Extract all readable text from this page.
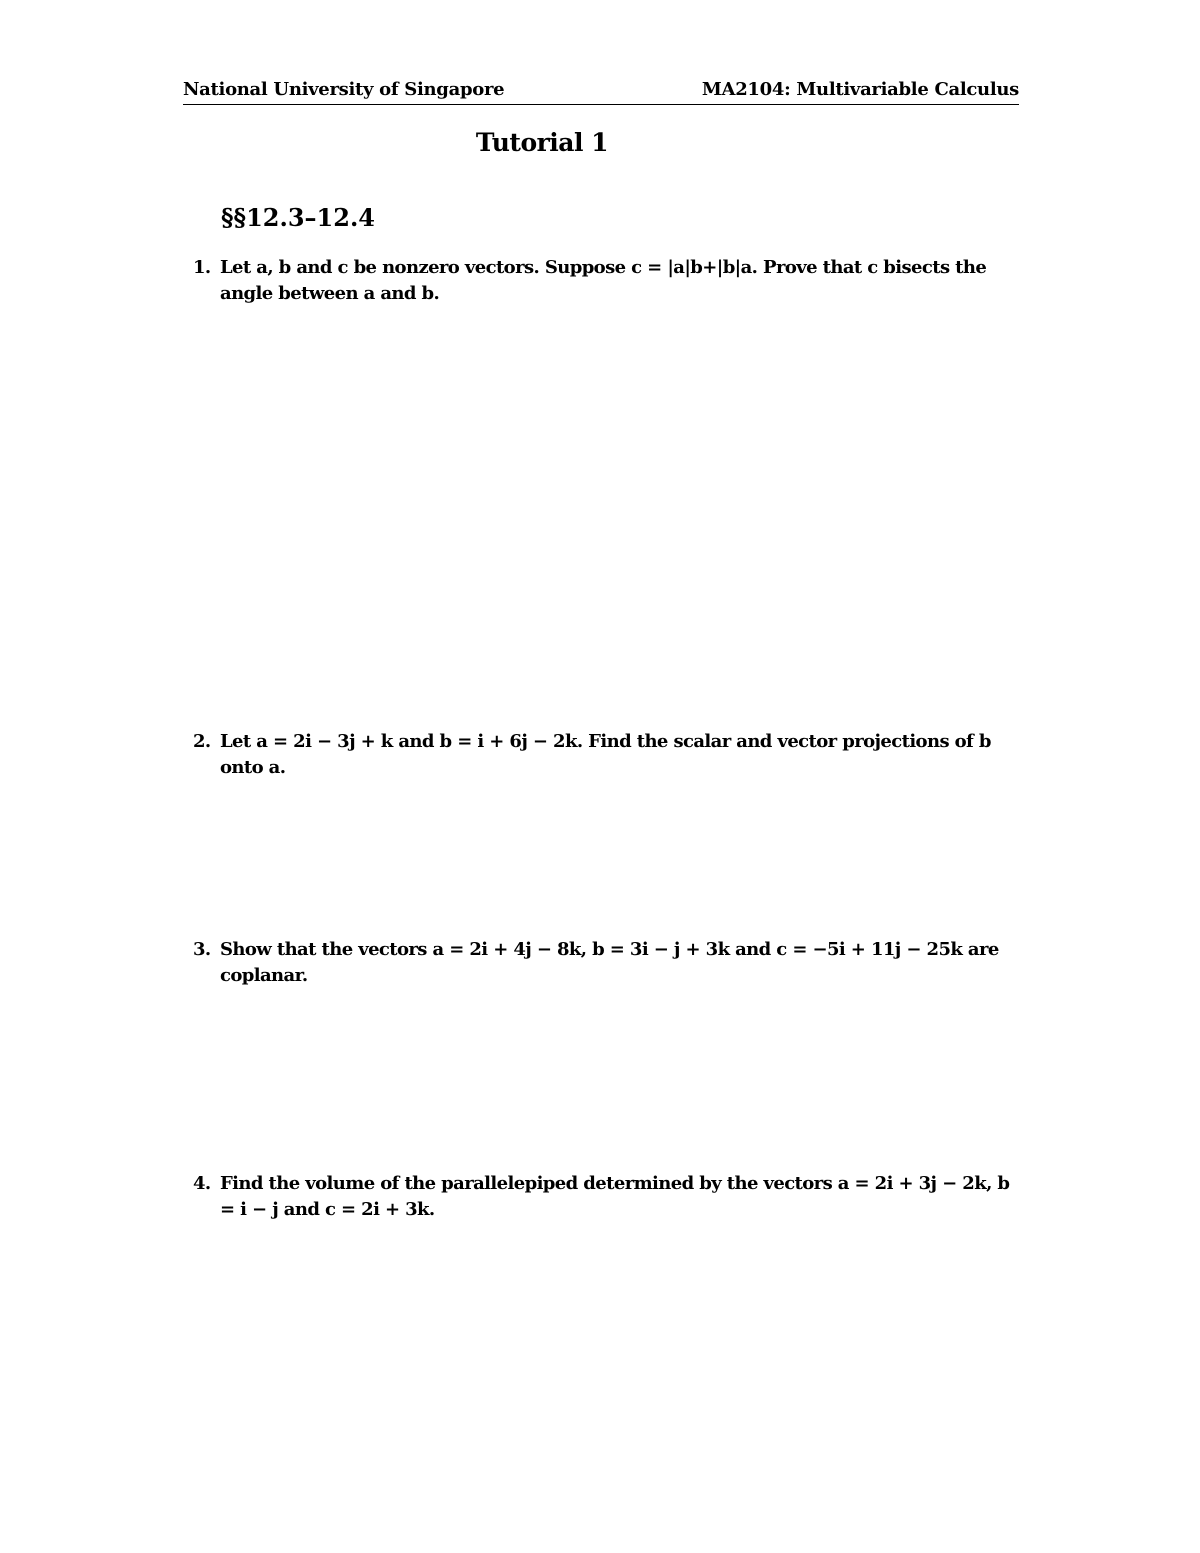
National University of Singapore	MA2104: Multivariable Calculus
Tutorial 1
§§12.3–12.4
1. Let a, b and c be nonzero vectors. Suppose c = |a|b+|b|a. Prove that c bisects the angle between a and b.
2. Let a = 2i − 3j + k and b = i + 6j − 2k. Find the scalar and vector projections of b onto a.
3. Show that the vectors a = 2i + 4j − 8k, b = 3i − j + 3k and c = −5i + 11j − 25k are coplanar.
4. Find the volume of the parallelepiped determined by the vectors a = 2i + 3j − 2k, b = i − j and c = 2i + 3k.
